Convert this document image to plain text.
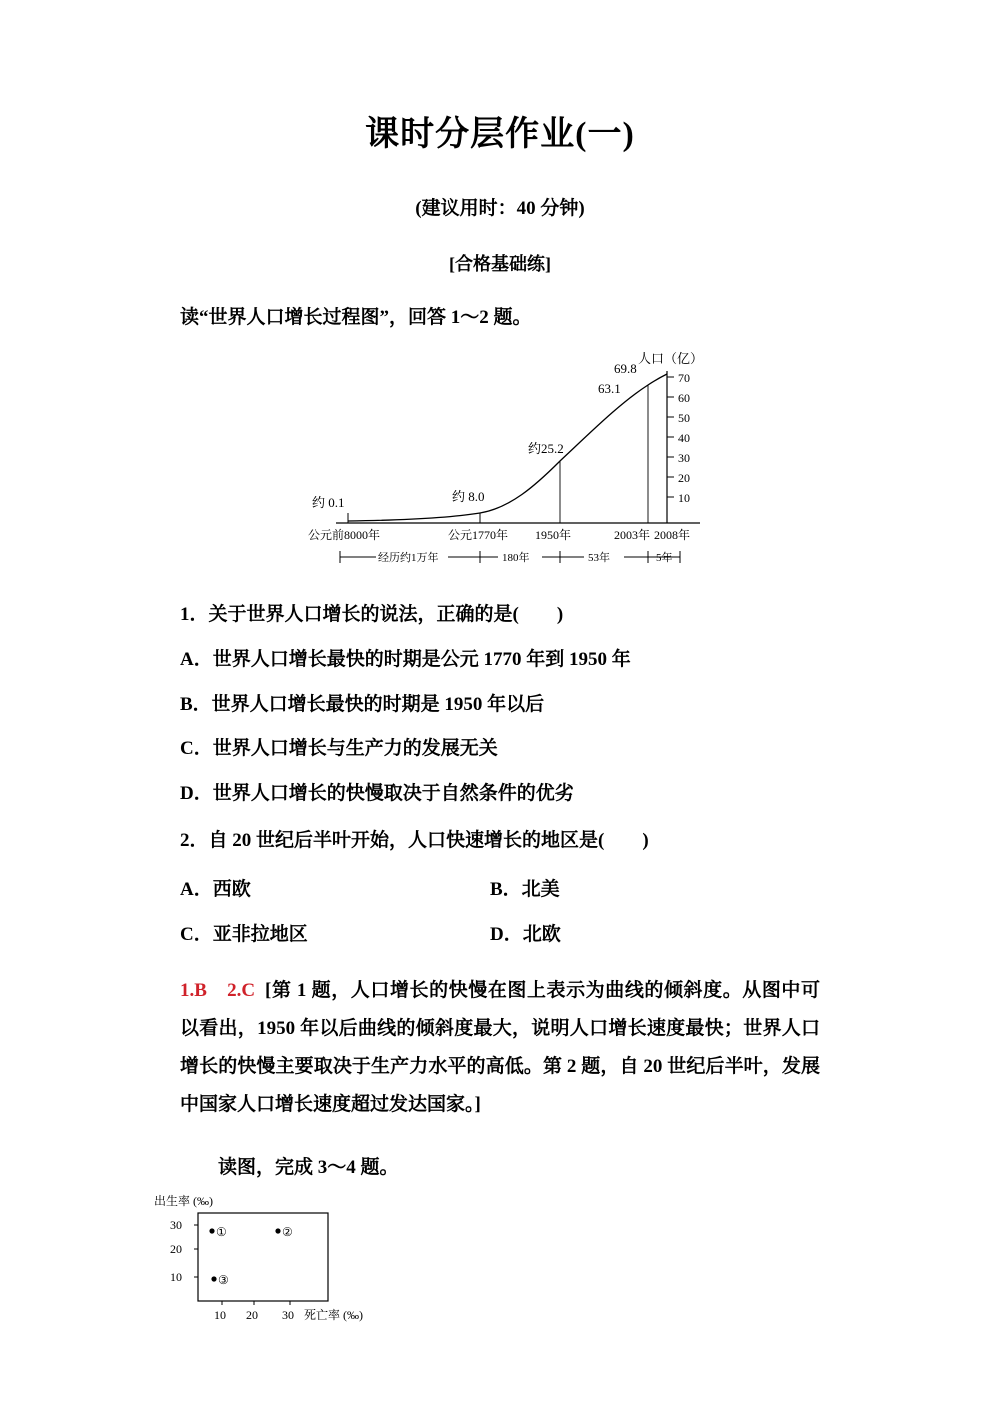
课时分层作业(一)
(建议用时：40 分钟)
[合格基础练]
读“世界人口增长过程图”，回答 1～2 题。
人口（亿）
70
60
50
40
30
20
10
约 0.1	约 8.0
约25.2
63.1
69.8
公元前8000年	公元1770年 1950年	2003年 2008年
经历约1万年	180年	53年	5年
1．关于世界人口增长的说法，正确的是(　　)
A．世界人口增长最快的时期是公元 1770 年到 1950 年
B．世界人口增长最快的时期是 1950 年以后
C．世界人口增长与生产力的发展无关
D．世界人口增长的快慢取决于自然条件的优劣
2．自 20 世纪后半叶开始，人口快速增长的地区是(　　)
A．西欧	B．北美
C．亚非拉地区	D．北欧
1.B　2.C [第 1 题，人口增长的快慢在图上表示为曲线的倾斜度。从图中可以看出，1950 年以后曲线的倾斜度最大，说明人口增长速度最快；世界人口增长的快慢主要取决于生产力水平的高低。第 2 题，自 20 世纪后半叶，发展中国家人口增长速度超过发达国家。]
读图，完成 3～4 题。
出生率 (‰)
30
20
10
10 20 30 死亡率 (‰)
①	②
③
